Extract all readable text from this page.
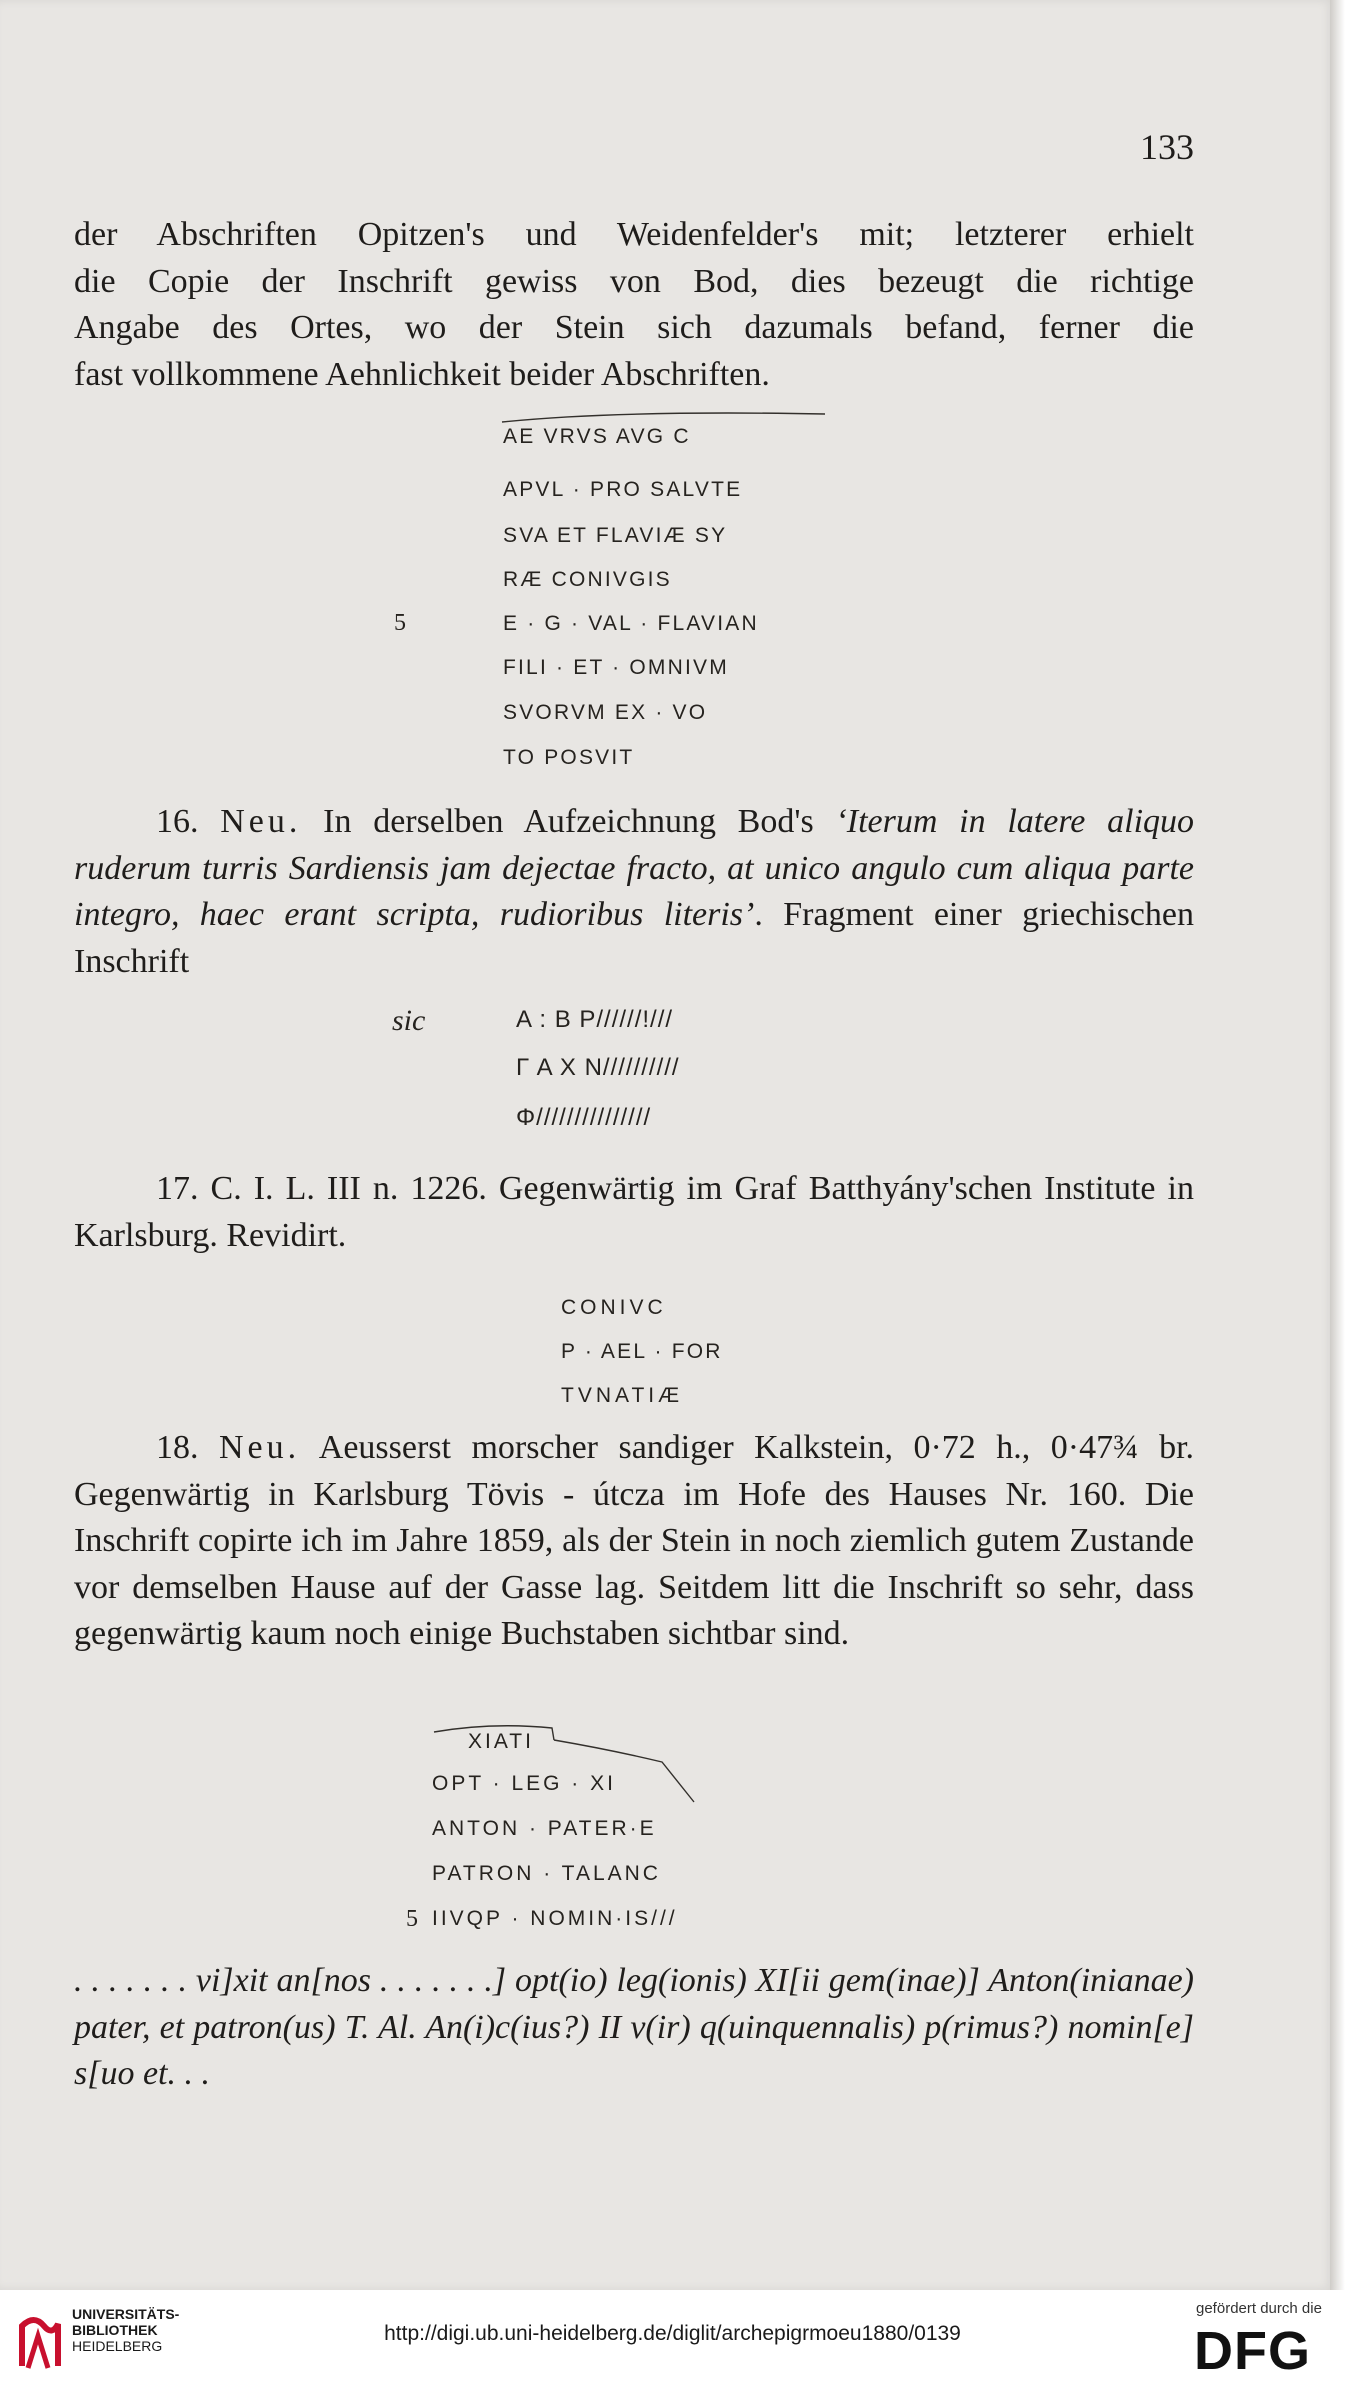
133

der Abschriften Opitzen's und Weidenfelder's mit; letzterer erhielt

die Copie der Inschrift gewiss von Bod, dies bezeugt die richtige

Angabe des Ortes, wo der Stein sich dazumals befand, ferner die

fast vollkommene Aehnlichkeit beider Abschriften.

AE VRVS AVG C
APVL · PRO SALVTE
SVA ET FLAVIÆ SY
RÆ CONIVGIS
5	E · G · VAL · FLAVIAN
FILI · ET · OMNIVM
SVORVM EX · VO
TO POSVIT
16. Neu. In derselben Aufzeichnung Bod's ‘Iterum in latere aliquo ruderum turris Sardiensis jam dejectae fracto, at unico angulo cum aliqua parte integro, haec erant scripta, rudioribus literis’. Fragment einer griechischen Inschrift
sic	A : B P//////!///
Γ Α Χ Ν//////////
Φ///////////////
17. C. I. L. III n. 1226. Gegenwärtig im Graf Batthyány'schen Institute in Karlsburg. Revidirt.
CONIVC
P · AEL · FOR
TVNATIÆ
18. Neu. Aeusserst morscher sandiger Kalkstein, 0·72 h., 0·47¾ br. Gegenwärtig in Karlsburg Tövis - útcza im Hofe des Hauses Nr. 160. Die Inschrift copirte ich im Jahre 1859, als der Stein in noch ziemlich gutem Zustande vor demselben Hause auf der Gasse lag. Seitdem litt die Inschrift so sehr, dass gegenwärtig kaum noch einige Buchstaben sichtbar sind.
XIATI
OPT · LEG · XI
ANTON · PATER·E
PATRON · TALANC
5 IIVQP · NOMIN·IS///
. . . . . . . vi]xit an[nos . . . . . . .] opt(io) leg(ionis) XI[ii gem(inae)] Anton(inianae) pater, et patron(us) T. Al. An(i)c(ius?) II v(ir) q(uinquennalis) p(rimus?) nomin[e] s[uo et. . .
UNIVERSITÄTS-
BIBLIOTHEK
HEIDELBERG
http://digi.ub.uni-heidelberg.de/diglit/archepigrmoeu1880/0139
gefördert durch die
DFG
